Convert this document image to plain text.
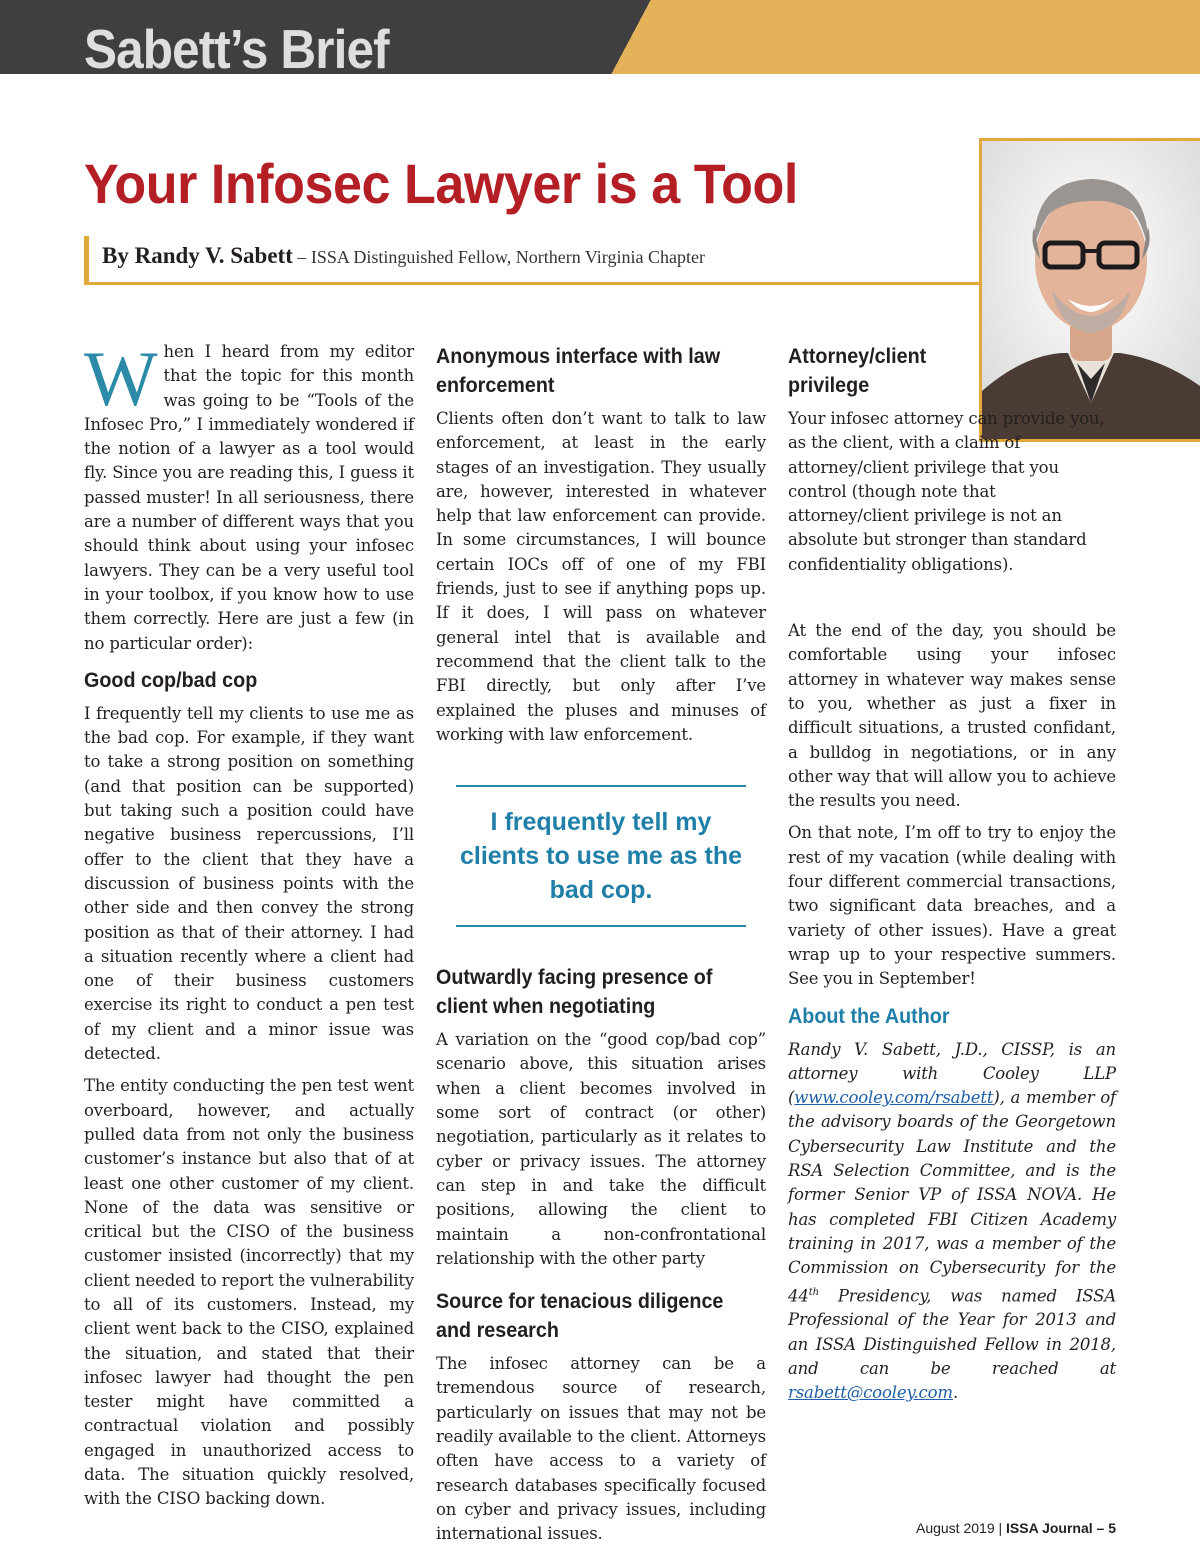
Sabett’s Brief
Your Infosec Lawyer is a Tool
By Randy V. Sabett – ISSA Distinguished Fellow, Northern Virginia Chapter

When I heard from my editor that the topic for this month was going to be “Tools of the Infosec Pro,” I immediately wondered if the notion of a lawyer as a tool would fly. Since you are reading this, I guess it passed muster! In all seriousness, there are a number of different ways that you should think about using your infosec lawyers. They can be a very useful tool in your toolbox, if you know how to use them correctly. Here are just a few (in no particular order):

Good cop/bad cop

I frequently tell my clients to use me as the bad cop. For example, if they want to take a strong position on something (and that position can be supported) but taking such a position could have negative business repercussions, I’ll offer to the client that they have a discussion of business points with the other side and then convey the strong position as that of their attorney. I had a situation recently where a client had one of their business customers exercise its right to conduct a pen test of my client and a minor issue was detected.

The entity conducting the pen test went overboard, however, and actually pulled data from not only the business customer’s instance but also that of at least one other customer of my client. None of the data was sensitive or critical but the CISO of the business customer insisted (incorrectly) that my client needed to report the vulnerability to all of its customers. Instead, my client went back to the CISO, explained the situation, and stated that their infosec lawyer had thought the pen tester might have committed a contractual violation and possibly engaged in unauthorized access to data. The situation quickly resolved, with the CISO backing down.

Anonymous interface with law
enforcement

Clients often don’t want to talk to law enforcement, at least in the early stages of an investigation. They usually are, however, interested in whatever help that law enforcement can provide. In some circumstances, I will bounce certain IOCs off of one of my FBI friends, just to see if anything pops up. If it does, I will pass on whatever general intel that is available and recommend that the client talk to the FBI directly, but only after I’ve explained the pluses and minuses of working with law enforcement.

I frequently tell my
clients to use me as the
bad cop.
Outwardly facing presence of
client when negotiating

A variation on the “good cop/bad cop” scenario above, this situation arises when a client becomes involved in some sort of contract (or other) negotiation, particularly as it relates to cyber or privacy issues. The attorney can step in and take the difficult positions, allowing the client to maintain a non-confrontational relationship with the other party

Source for tenacious diligence
and research

The infosec attorney can be a tremendous source of research, particularly on issues that may not be readily available to the client. Attorneys often have access to a variety of research databases specifically focused on cyber and privacy issues, including international issues.

Attorney/client
privilege

Your infosec attorney can provide you, as the client, with a claim of attorney/client privilege that you control (though note that attorney/client privilege is not an absolute but stronger than standard confidentiality obligations).

At the end of the day, you should be comfortable using your infosec attorney in whatever way makes sense to you, whether as just a fixer in difficult situations, a trusted confidant, a bulldog in negotiations, or in any other way that will allow you to achieve the results you need.

On that note, I’m off to try to enjoy the rest of my vacation (while dealing with four different commercial transactions, two significant data breaches, and a variety of other issues). Have a great wrap up to your respective summers. See you in September!

About the Author

Randy V. Sabett, J.D., CISSP, is an attorney with Cooley LLP (www.cooley.com/rsabett), a member of the advisory boards of the Georgetown Cybersecurity Law Institute and the RSA Selection Committee, and is the former Senior VP of ISSA NOVA. He has completed FBI Citizen Academy training in 2017, was a member of the Commission on Cybersecurity for the 44th Presidency, was named ISSA Professional of the Year for 2013 and an ISSA Distinguished Fellow in 2018, and can be reached at rsabett@cooley.com.

August 2019 | ISSA Journal – 5
